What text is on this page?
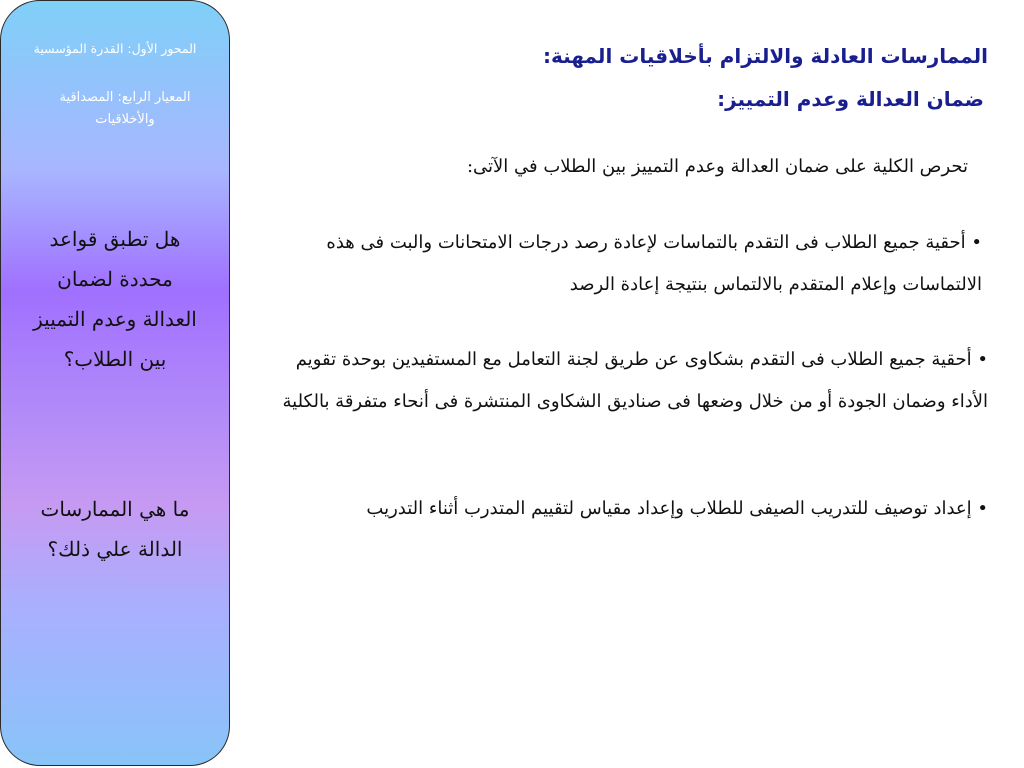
المحور الأول: القدرة المؤسسية
المعيار الرابع: المصداقية والأخلاقيات
هل تطبق قواعد محددة لضمان العدالة وعدم التمييز بين الطلاب؟
ما هي الممارسات الدالة علي ذلك؟
الممارسات العادلة والالتزام بأخلاقيات المهنة:
ضمان العدالة وعدم التمييز:
تحرص الكلية على ضمان العدالة وعدم التمييز بين الطلاب في الآتى:
• أحقية جميع الطلاب فى التقدم بالتماسات لإعادة رصد درجات الامتحانات والبت فى هذه الالتماسات وإعلام المتقدم بالالتماس بنتيجة إعادة الرصد
• أحقية جميع الطلاب فى التقدم بشكاوى عن طريق لجنة التعامل مع المستفيدين بوحدة تقويم الأداء وضمان الجودة أو من خلال وضعها فى صناديق الشكاوى المنتشرة فى أنحاء متفرقة بالكلية
• إعداد توصيف للتدريب الصيفى للطلاب وإعداد مقياس لتقييم المتدرب أثناء التدريب
